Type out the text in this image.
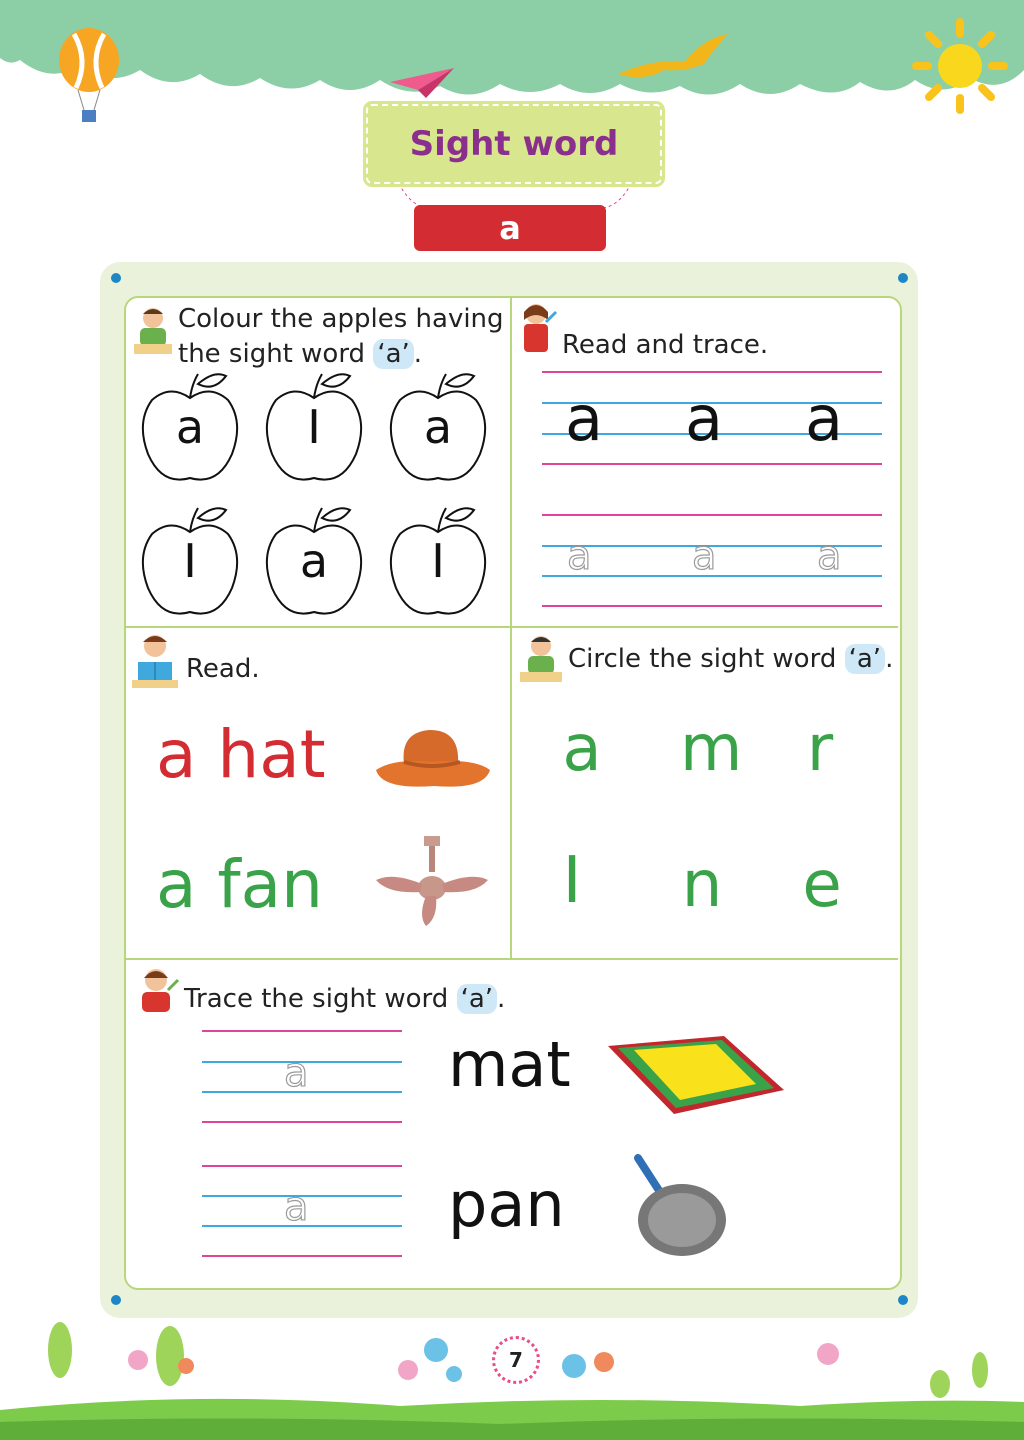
Sight word
a
Colour the apples having
the sight word ‘a’ .
a	I	a
I	a	I
Read and trace.
a a a
a	a	a
Read.
a hat
a fan
Circle the sight word ‘a’ .
a m r
I	n e
Trace the sight word ‘a’ .
a
a
mat
pan
7
